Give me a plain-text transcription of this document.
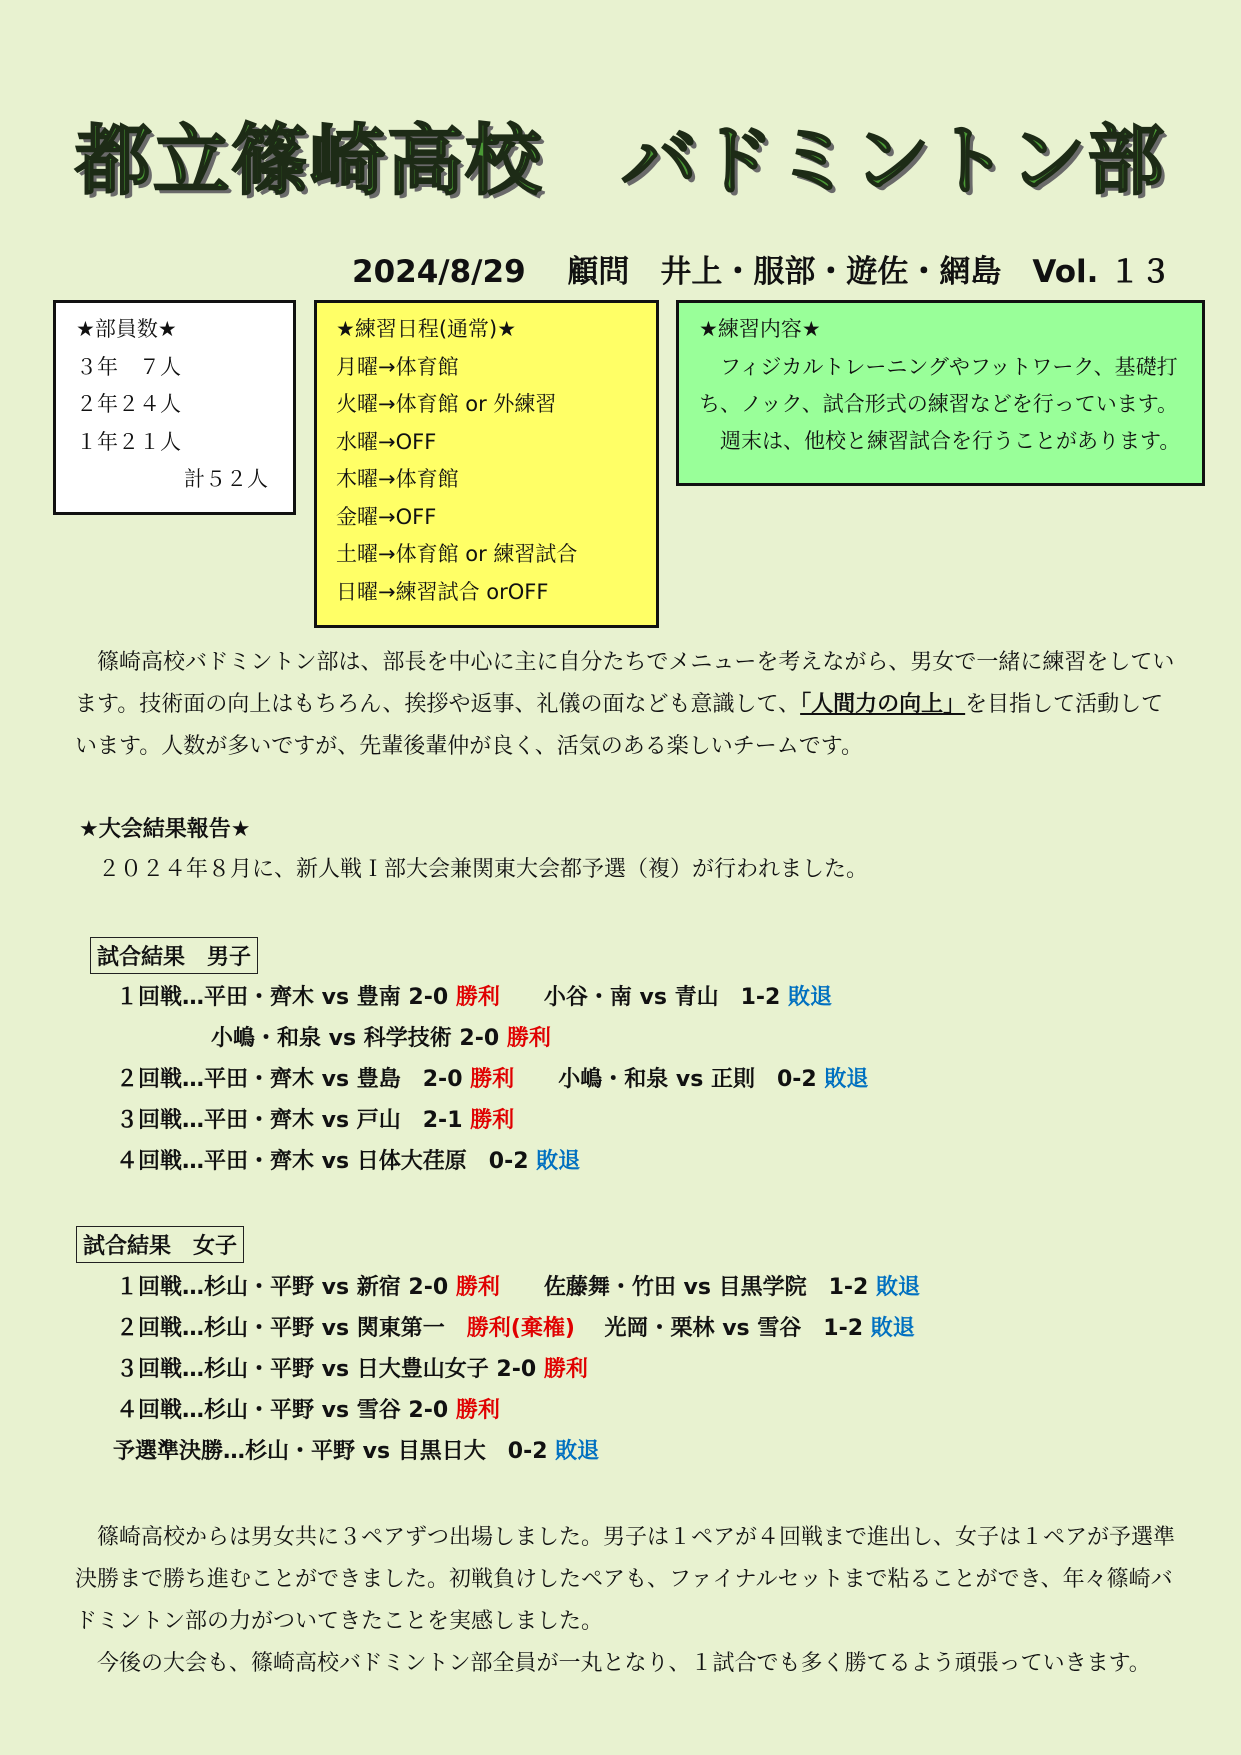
都立篠崎高校　バドミントン部
2024/8/29　 顧問　井上・服部・遊佐・網島　Vol. １３
★部員数★
３年　７人
２年２４人
１年２１人
計５２人
★練習日程(通常)★
月曜→体育館
火曜→体育館 or 外練習
水曜→OFF
木曜→体育館
金曜→OFF
土曜→体育館 or 練習試合
日曜→練習試合 orOFF
★練習内容★
　フィジカルトレーニングやフットワーク、基礎打ち、ノック、試合形式の練習などを行っています。
　週末は、他校と練習試合を行うことがあります。
　篠崎高校バドミントン部は、部長を中心に主に自分たちでメニューを考えながら、男女で一緒に練習をしています。技術面の向上はもちろん、挨拶や返事、礼儀の面なども意識して、「人間力の向上」を目指して活動しています。人数が多いですが、先輩後輩仲が良く、活気のある楽しいチームです。
★大会結果報告★
２０２４年８月に、新人戦Ｉ部大会兼関東大会都予選（複）が行われました。
試合結果　男子
１回戦…平田・齊木 vs 豊南 2-0 勝利　　小谷・南 vs 青山　1-2 敗退
小嶋・和泉 vs 科学技術 2-0 勝利
２回戦…平田・齊木 vs 豊島　2-0 勝利　　小嶋・和泉 vs 正則　0-2 敗退
３回戦…平田・齊木 vs 戸山　2-1 勝利
４回戦…平田・齊木 vs 日体大荏原　0-2 敗退
試合結果　女子
１回戦…杉山・平野 vs 新宿 2-0 勝利　　佐藤舞・竹田 vs 目黒学院　1-2 敗退
２回戦…杉山・平野 vs 関東第一　勝利(棄権)　 光岡・栗林 vs 雪谷　1-2 敗退
３回戦…杉山・平野 vs 日大豊山女子 2-0 勝利
４回戦…杉山・平野 vs 雪谷 2-0 勝利
予選準決勝…杉山・平野 vs 目黒日大　0-2 敗退
　篠崎高校からは男女共に３ペアずつ出場しました。男子は１ペアが４回戦まで進出し、女子は１ペアが予選準決勝まで勝ち進むことができました。初戦負けしたペアも、ファイナルセットまで粘ることができ、年々篠崎バドミントン部の力がついてきたことを実感しました。
　今後の大会も、篠崎高校バドミントン部全員が一丸となり、１試合でも多く勝てるよう頑張っていきます。
